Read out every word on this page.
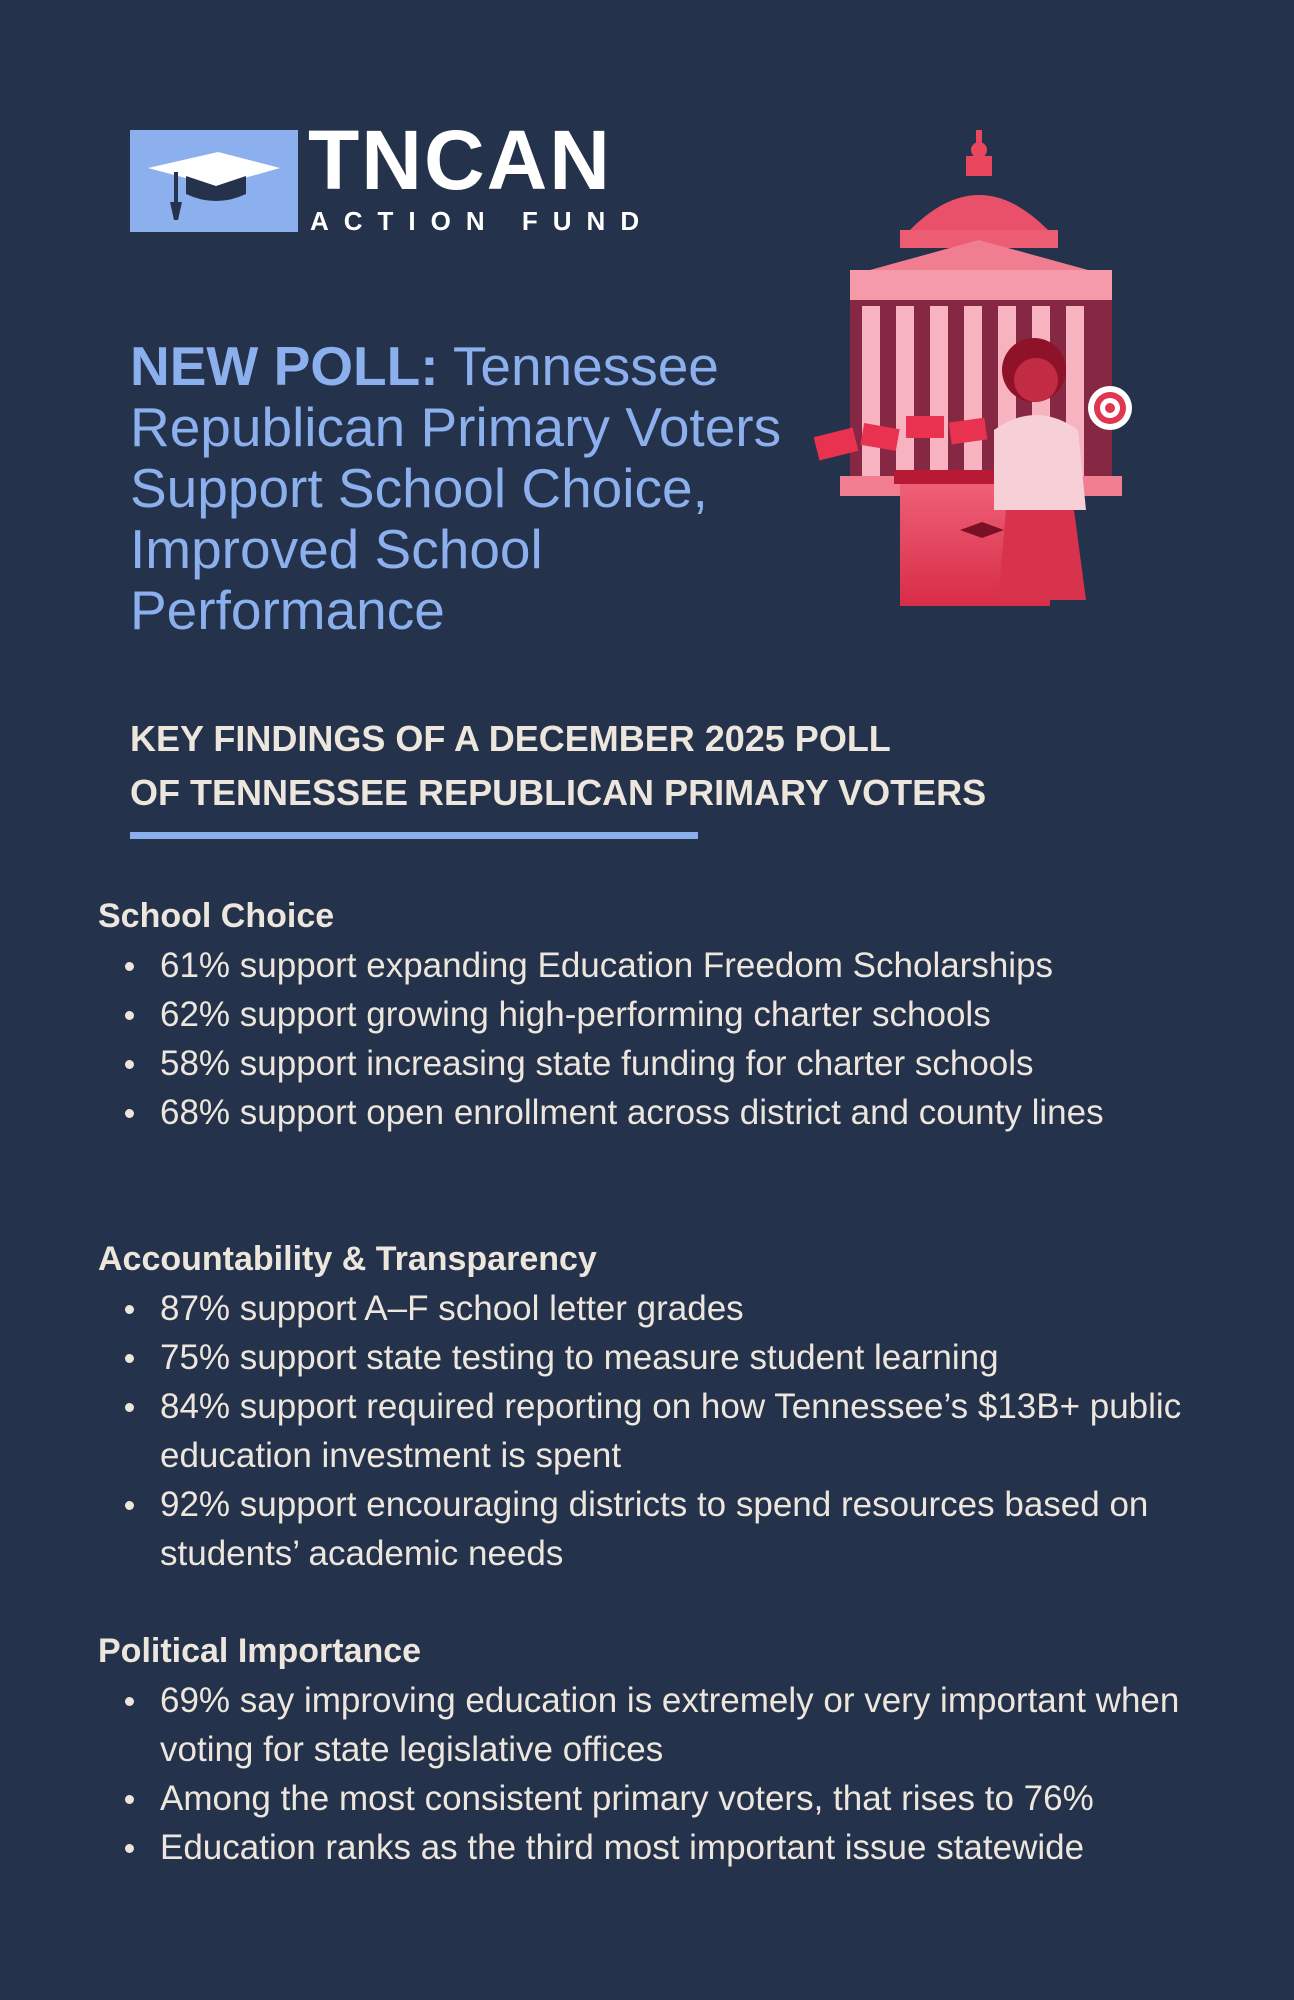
TNCAN
ACTION FUND
NEW POLL: Tennessee Republican Primary Voters Support School Choice, Improved School Performance
KEY FINDINGS OF A DECEMBER 2025 POLL
OF TENNESSEE REPUBLICAN PRIMARY VOTERS
School Choice
61% support expanding Education Freedom Scholarships
62% support growing high-performing charter schools
58% support increasing state funding for charter schools
68% support open enrollment across district and county lines
Accountability & Transparency
87% support A–F school letter grades
75% support state testing to measure student learning
84% support required reporting on how Tennessee’s $13B+ public education investment is spent
92% support encouraging districts to spend resources based on students’ academic needs
Political Importance
69% say improving education is extremely or very important when voting for state legislative offices
Among the most consistent primary voters, that rises to 76%
Education ranks as the third most important issue statewide
